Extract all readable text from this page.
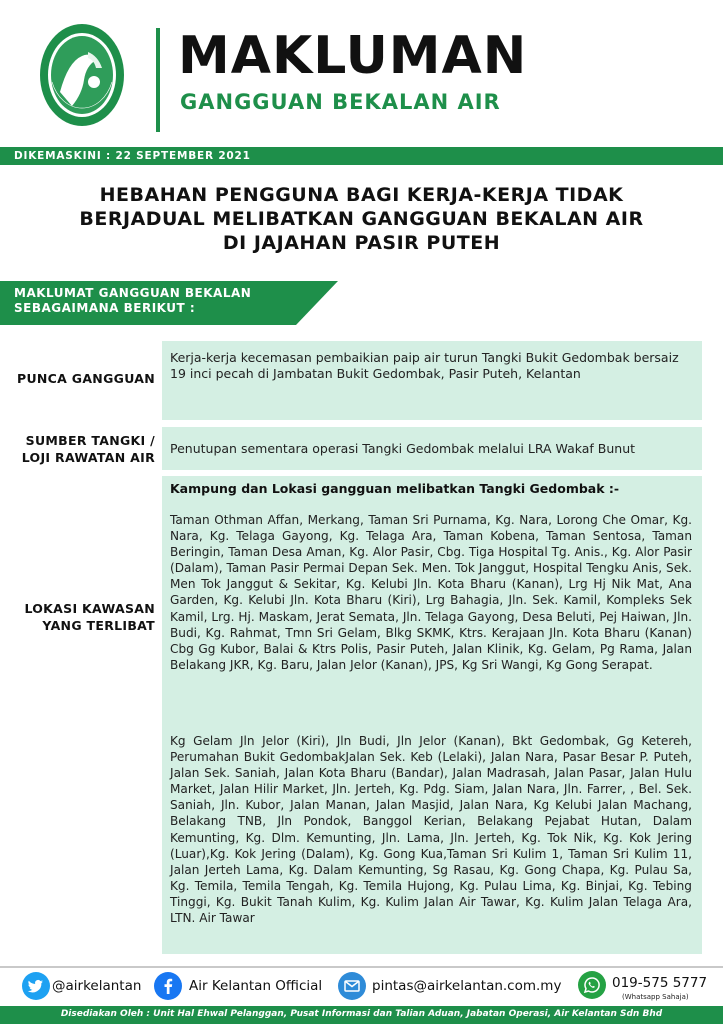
MAKLUMAN
GANGGUAN BEKALAN AIR
DIKEMASKINI : 22 SEPTEMBER 2021
HEBAHAN PENGGUNA BAGI KERJA-KERJA TIDAK
BERJADUAL MELIBATKAN GANGGUAN BEKALAN AIR
DI JAJAHAN PASIR PUTEH
MAKLUMAT GANGGUAN BEKALAN
SEBAGAIMANA BERIKUT :
PUNCA GANGGUAN
Kerja-kerja kecemasan pembaikian paip air turun Tangki Bukit Gedombak bersaiz 19 inci pecah di Jambatan Bukit Gedombak, Pasir Puteh, Kelantan
SUMBER TANGKI /
LOJI RAWATAN AIR
Penutupan sementara operasi Tangki Gedombak melalui LRA Wakaf Bunut
LOKASI KAWASAN
YANG TERLIBAT
Kampung dan Lokasi gangguan melibatkan Tangki Gedombak :-
Taman Othman Affan, Merkang, Taman Sri Purnama, Kg. Nara, Lorong Che Omar, Kg. Nara, Kg. Telaga Gayong, Kg. Telaga Ara, Taman Kobena, Taman Sentosa, Taman Beringin, Taman Desa Aman, Kg. Alor Pasir, Cbg. Tiga Hospital Tg. Anis., Kg. Alor Pasir (Dalam), Taman Pasir Permai Depan Sek. Men. Tok Janggut, Hospital Tengku Anis, Sek. Men Tok Janggut & Sekitar, Kg. Kelubi Jln. Kota Bharu (Kanan), Lrg Hj Nik Mat, Ana Garden, Kg. Kelubi Jln. Kota Bharu (Kiri), Lrg Bahagia, Jln. Sek. Kamil, Kompleks Sek Kamil, Lrg. Hj. Maskam, Jerat Semata, Jln. Telaga Gayong, Desa Beluti, Pej Haiwan, Jln. Budi, Kg. Rahmat, Tmn Sri Gelam, Blkg SKMK, Ktrs. Kerajaan Jln. Kota Bharu (Kanan) Cbg Gg Kubor, Balai & Ktrs Polis, Pasir Puteh, Jalan Klinik, Kg. Gelam, Pg Rama, Jalan Belakang JKR, Kg. Baru, Jalan Jelor (Kanan), JPS, Kg Sri Wangi, Kg Gong Serapat.
Kg Gelam Jln Jelor (Kiri), Jln Budi, Jln Jelor (Kanan), Bkt Gedombak, Gg Ketereh, Perumahan Bukit GedombakJalan Sek. Keb (Lelaki), Jalan Nara, Pasar Besar P. Puteh, Jalan Sek. Saniah, Jalan Kota Bharu (Bandar), Jalan Madrasah, Jalan Pasar, Jalan Hulu Market, Jalan Hilir Market, Jln. Jerteh, Kg. Pdg. Siam, Jalan Nara, Jln. Farrer, , Bel. Sek. Saniah, Jln. Kubor, Jalan Manan, Jalan Masjid, Jalan Nara, Kg Kelubi Jalan Machang, Belakang TNB, Jln Pondok, Banggol Kerian, Belakang Pejabat Hutan, Dalam Kemunting, Kg. Dlm. Kemunting, Jln. Lama, Jln. Jerteh, Kg. Tok Nik, Kg. Kok Jering (Luar),Kg. Kok Jering (Dalam), Kg. Gong Kua,Taman Sri Kulim 1, Taman Sri Kulim 11, Jalan Jerteh Lama, Kg. Dalam Kemunting, Sg Rasau, Kg. Gong Chapa, Kg. Pulau Sa, Kg. Temila, Temila Tengah, Kg. Temila Hujong, Kg. Pulau Lima, Kg. Binjai, Kg. Tebing Tinggi, Kg. Bukit Tanah Kulim, Kg. Kulim Jalan Air Tawar, Kg. Kulim Jalan Telaga Ara, LTN. Air Tawar
@airkelantan	Air Kelantan Official	pintas@airkelantan.com.my	019-575 5777
(Whatsapp Sahaja)
Disediakan Oleh : Unit Hal Ehwal Pelanggan, Pusat Informasi dan Talian Aduan, Jabatan Operasi, Air Kelantan Sdn Bhd
